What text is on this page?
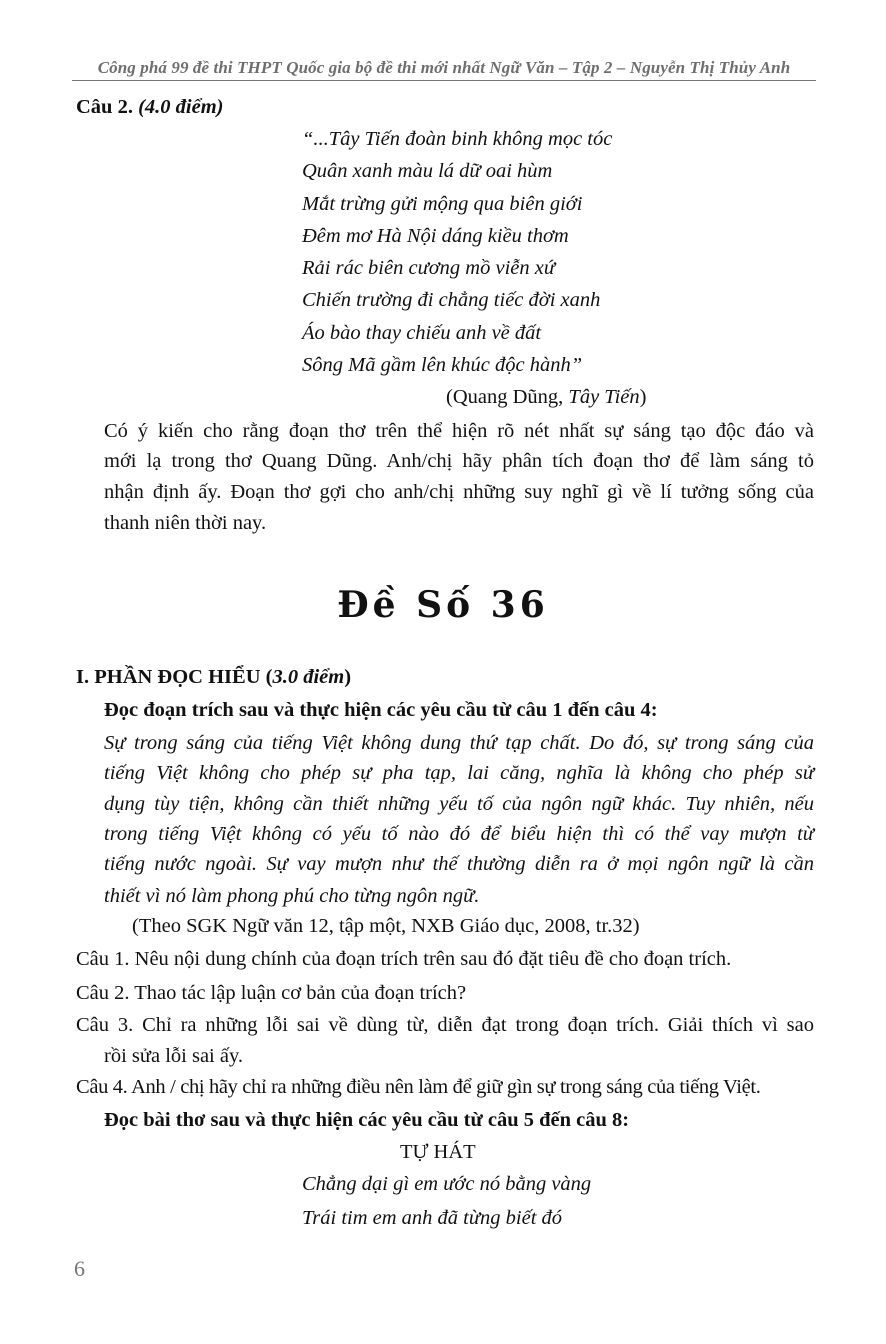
Công phá 99 đề thi THPT Quốc gia bộ đề thi mới nhất Ngữ Văn – Tập 2 – Nguyễn Thị Thủy Anh
Câu 2. (4.0 điểm)
“...Tây Tiến đoàn binh không mọc tóc
Quân xanh màu lá dữ oai hùm
Mắt trừng gửi mộng qua biên giới
Đêm mơ Hà Nội dáng kiều thơm
Rải rác biên cương mồ viễn xứ
Chiến trường đi chẳng tiếc đời xanh
Áo bào thay chiếu anh về đất
Sông Mã gầm lên khúc độc hành”
(Quang Dũng, Tây Tiến)
Có ý kiến cho rằng đoạn thơ trên thể hiện rõ nét nhất sự sáng tạo độc đáo và
mới lạ trong thơ Quang Dũng. Anh/chị hãy phân tích đoạn thơ để làm sáng tỏ
nhận định ấy. Đoạn thơ gợi cho anh/chị những suy nghĩ gì về lí tưởng sống của
thanh niên thời nay.
Đề Số 36
I. PHẦN ĐỌC HIỂU (3.0 điểm)
Đọc đoạn trích sau và thực hiện các yêu cầu từ câu 1 đến câu 4:
Sự trong sáng của tiếng Việt không dung thứ tạp chất. Do đó, sự trong sáng của
tiếng Việt không cho phép sự pha tạp, lai căng, nghĩa là không cho phép sử
dụng tùy tiện, không cần thiết những yếu tố của ngôn ngữ khác. Tuy nhiên, nếu
trong tiếng Việt không có yếu tố nào đó để biểu hiện thì có thể vay mượn từ
tiếng nước ngoài. Sự vay mượn như thế thường diễn ra ở mọi ngôn ngữ là cần
thiết vì nó làm phong phú cho từng ngôn ngữ.
(Theo SGK Ngữ văn 12, tập một, NXB Giáo dục, 2008, tr.32)
Câu 1. Nêu nội dung chính của đoạn trích trên sau đó đặt tiêu đề cho đoạn trích.
Câu 2. Thao tác lập luận cơ bản của đoạn trích?
Câu 3. Chỉ ra những lỗi sai về dùng từ, diễn đạt trong đoạn trích. Giải thích vì sao
rồi sửa lỗi sai ấy.
Câu 4. Anh / chị hãy chỉ ra những điều nên làm để giữ gìn sự trong sáng của tiếng Việt.
Đọc bài thơ sau và thực hiện các yêu cầu từ câu 5 đến câu 8:
TỰ HÁT
Chẳng dại gì em ước nó bằng vàng
Trái tim em anh đã từng biết đó
6
